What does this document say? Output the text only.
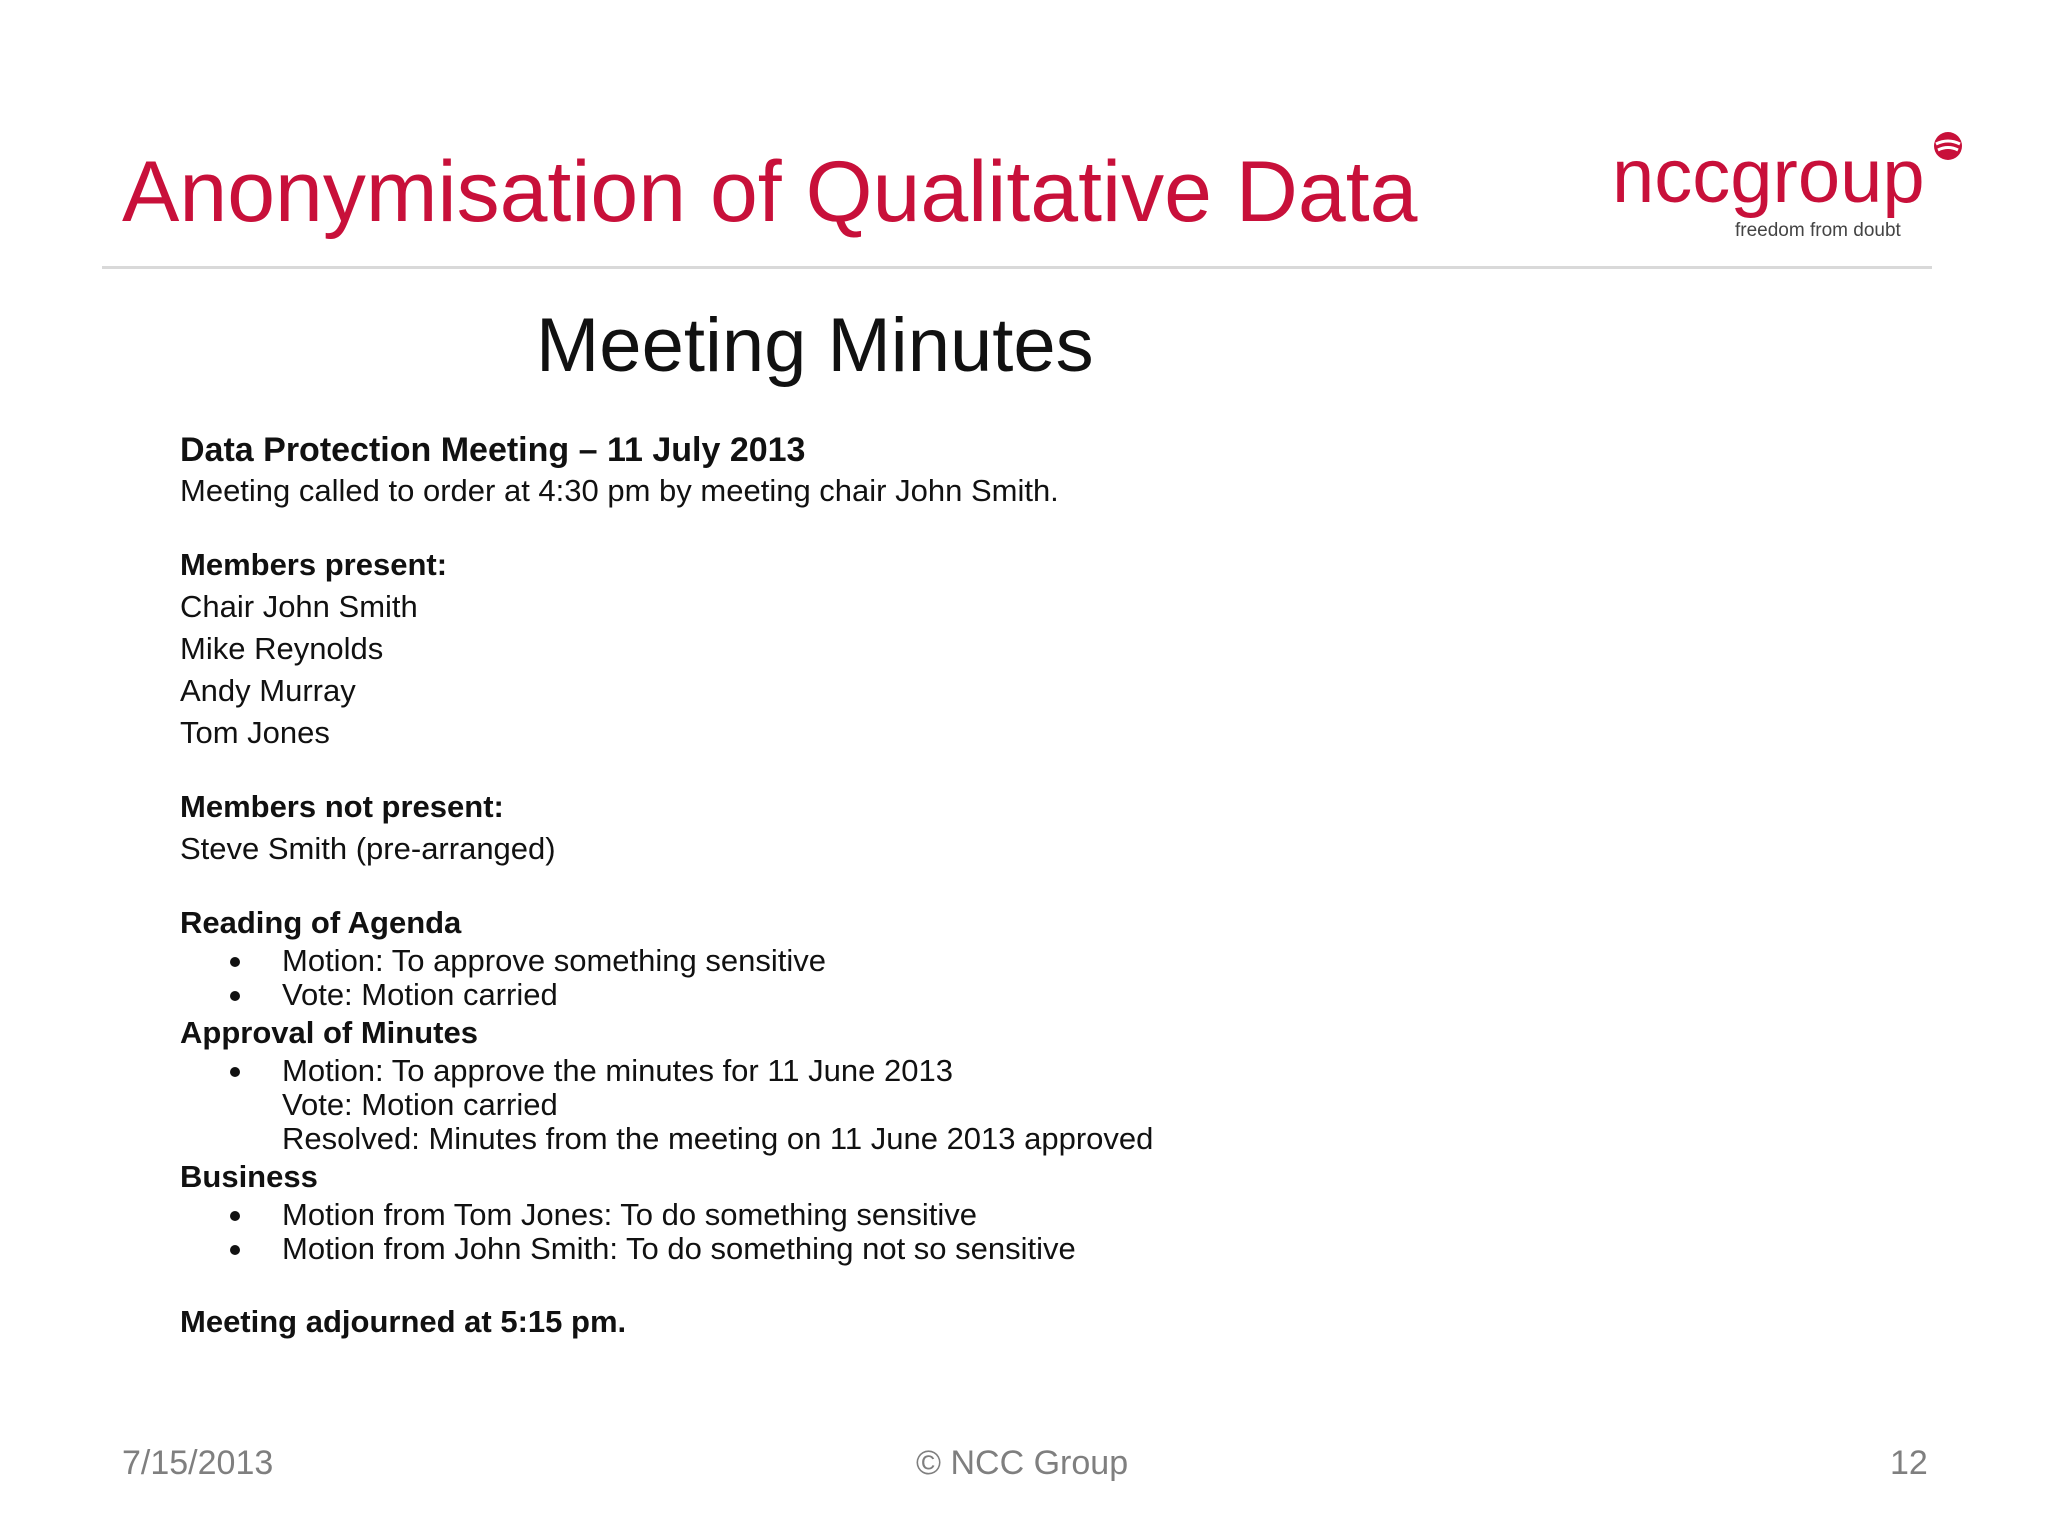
Anonymisation of Qualitative Data	nccgroup
freedom from doubt
Meeting Minutes
Data Protection Meeting – 11 July 2013
Meeting called to order at 4:30 pm by meeting chair John Smith.
Members present:
Chair John Smith
Mike Reynolds
Andy Murray
Tom Jones
Members not present:
Steve Smith (pre-arranged)
Reading of Agenda
Motion: To approve something sensitive
Vote: Motion carried
Approval of Minutes
Motion: To approve the minutes for 11 June 2013
Vote: Motion carried
Resolved: Minutes from the meeting on 11 June 2013 approved
Business
Motion from Tom Jones: To do something sensitive
Motion from John Smith: To do something not so sensitive
Meeting adjourned at 5:15 pm.
7/15/2013	© NCC Group	12
